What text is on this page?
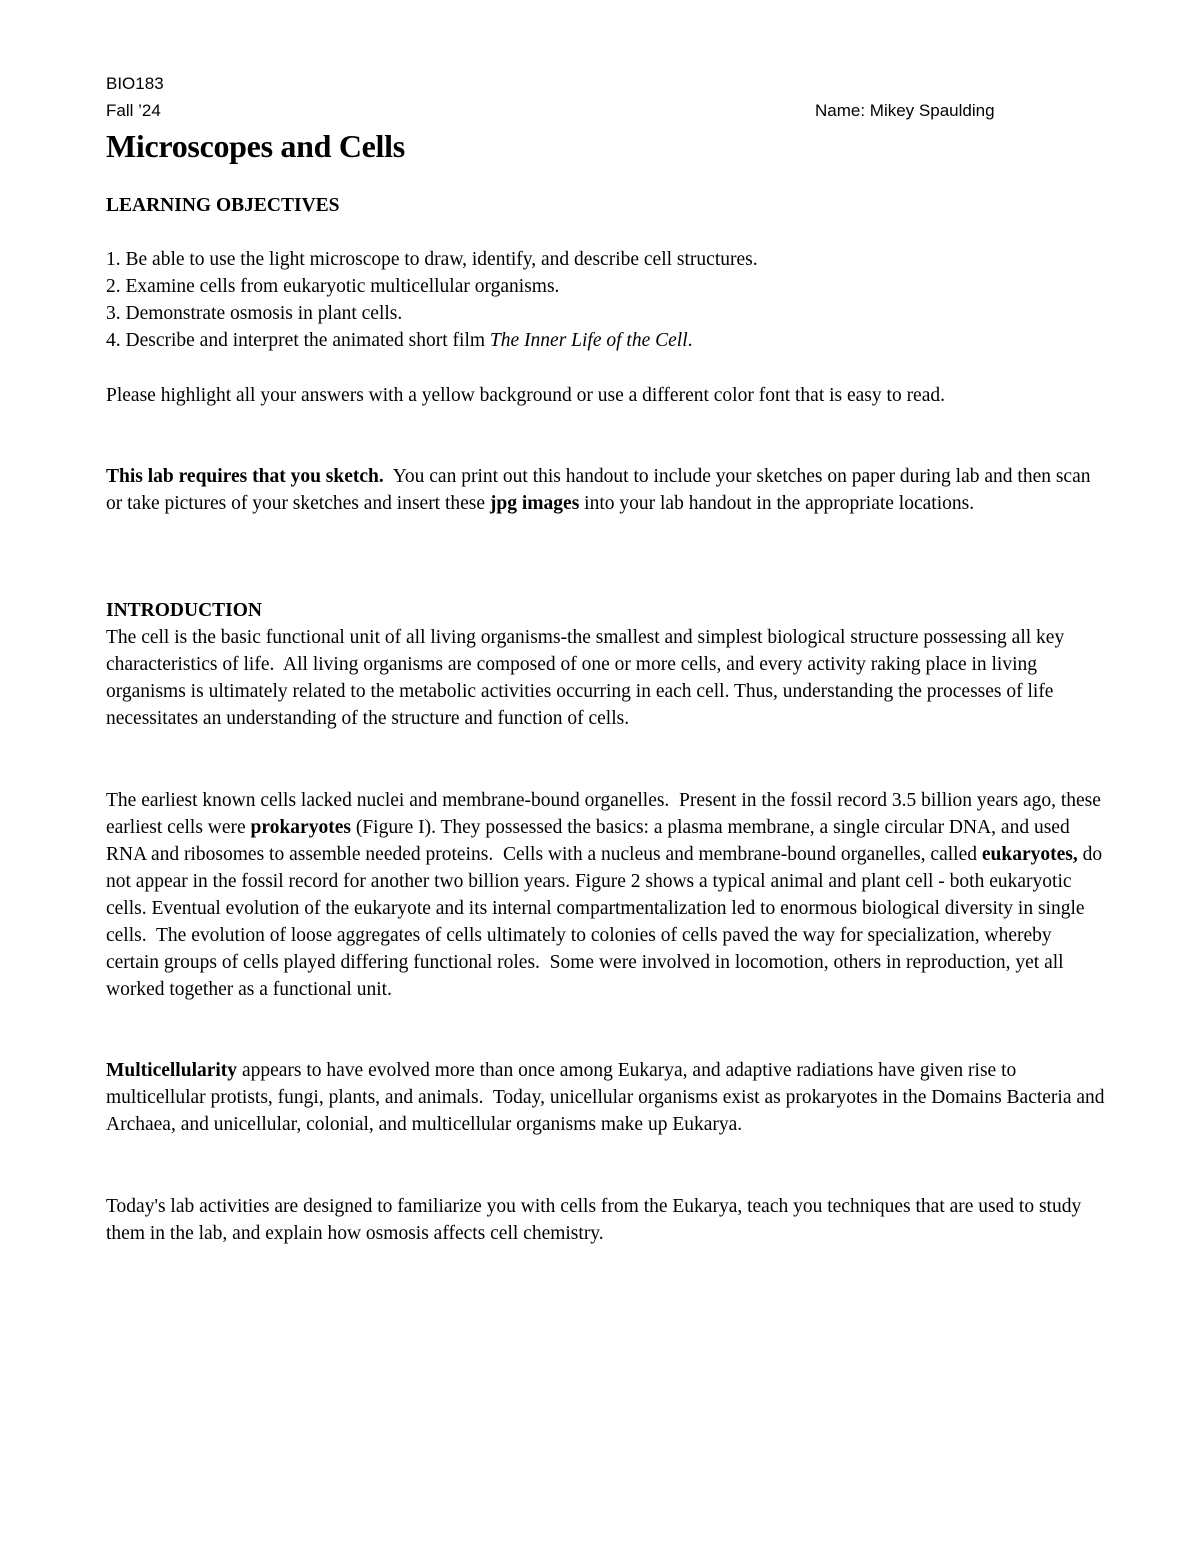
BIO183
Fall ’24	Name: Mikey Spaulding
Microscopes and Cells
LEARNING OBJECTIVES
1. Be able to use the light microscope to draw, identify, and describe cell structures.
2. Examine cells from eukaryotic multicellular organisms.
3. Demonstrate osmosis in plant cells.
4. Describe and interpret the animated short film The Inner Life of the Cell.

Please highlight all your answers with a yellow background or use a different color font that is easy to read.

This lab requires that you sketch.  You can print out this handout to include your sketches on paper during lab and then scan or take pictures of your sketches and insert these jpg images into your lab handout in the appropriate locations.

INTRODUCTION

The cell is the basic functional unit of all living organisms-the smallest and simplest biological structure possessing all key characteristics of life.  All living organisms are composed of one or more cells, and every activity raking place in living organisms is ultimately related to the metabolic activities occurring in each cell. Thus, understanding the processes of life necessitates an understanding of the structure and function of cells.

The earliest known cells lacked nuclei and membrane-bound organelles.  Present in the fossil record 3.5 billion years ago, these earliest cells were prokaryotes (Figure I). They possessed the basics: a plasma membrane, a single circular DNA, and used RNA and ribosomes to assemble needed proteins.  Cells with a nucleus and membrane-bound organelles, called eukaryotes, do not appear in the fossil record for another two billion years. Figure 2 shows a typical animal and plant cell - both eukaryotic cells. Eventual evolution of the eukaryote and its internal compartmentalization led to enormous biological diversity in single cells.  The evolution of loose aggregates of cells ultimately to colonies of cells paved the way for specialization, whereby certain groups of cells played differing functional roles.  Some were involved in locomotion, others in reproduction, yet all worked together as a functional unit.

Multicellularity appears to have evolved more than once among Eukarya, and adaptive radiations have given rise to multicellular protists, fungi, plants, and animals.  Today, unicellular organisms exist as prokaryotes in the Domains Bacteria and Archaea, and unicellular, colonial, and multicellular organisms make up Eukarya.

Today's lab activities are designed to familiarize you with cells from the Eukarya, teach you techniques that are used to study them in the lab, and explain how osmosis affects cell chemistry.
